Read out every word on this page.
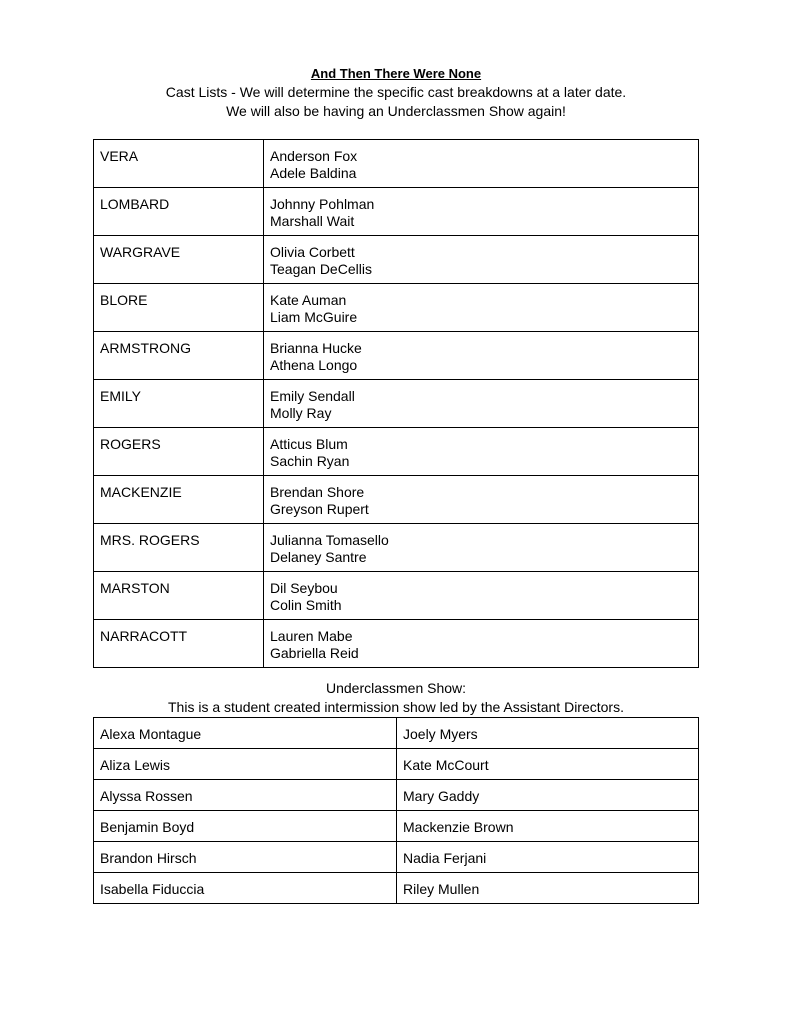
And Then There Were None
Cast Lists - We will determine the specific cast breakdowns at a later date.
We will also be having an Underclassmen Show again!
VERA	Anderson Fox
Adele Baldina

LOMBARD	Johnny Pohlman
Marshall Wait

WARGRAVE	Olivia Corbett
Teagan DeCellis

BLORE	Kate Auman
Liam McGuire

ARMSTRONG	Brianna Hucke
Athena Longo

EMILY	Emily Sendall
Molly Ray

ROGERS	Atticus Blum
Sachin Ryan

MACKENZIE	Brendan Shore
Greyson Rupert

MRS. ROGERS	Julianna Tomasello
Delaney Santre

MARSTON	Dil Seybou
Colin Smith

NARRACOTT	Lauren Mabe
Gabriella Reid
Underclassmen Show:
This is a student created intermission show led by the Assistant Directors.
Alexa Montague	Joely Myers
Aliza Lewis	Kate McCourt
Alyssa Rossen	Mary Gaddy
Benjamin Boyd	Mackenzie Brown
Brandon Hirsch	Nadia Ferjani
Isabella Fiduccia	Riley Mullen
